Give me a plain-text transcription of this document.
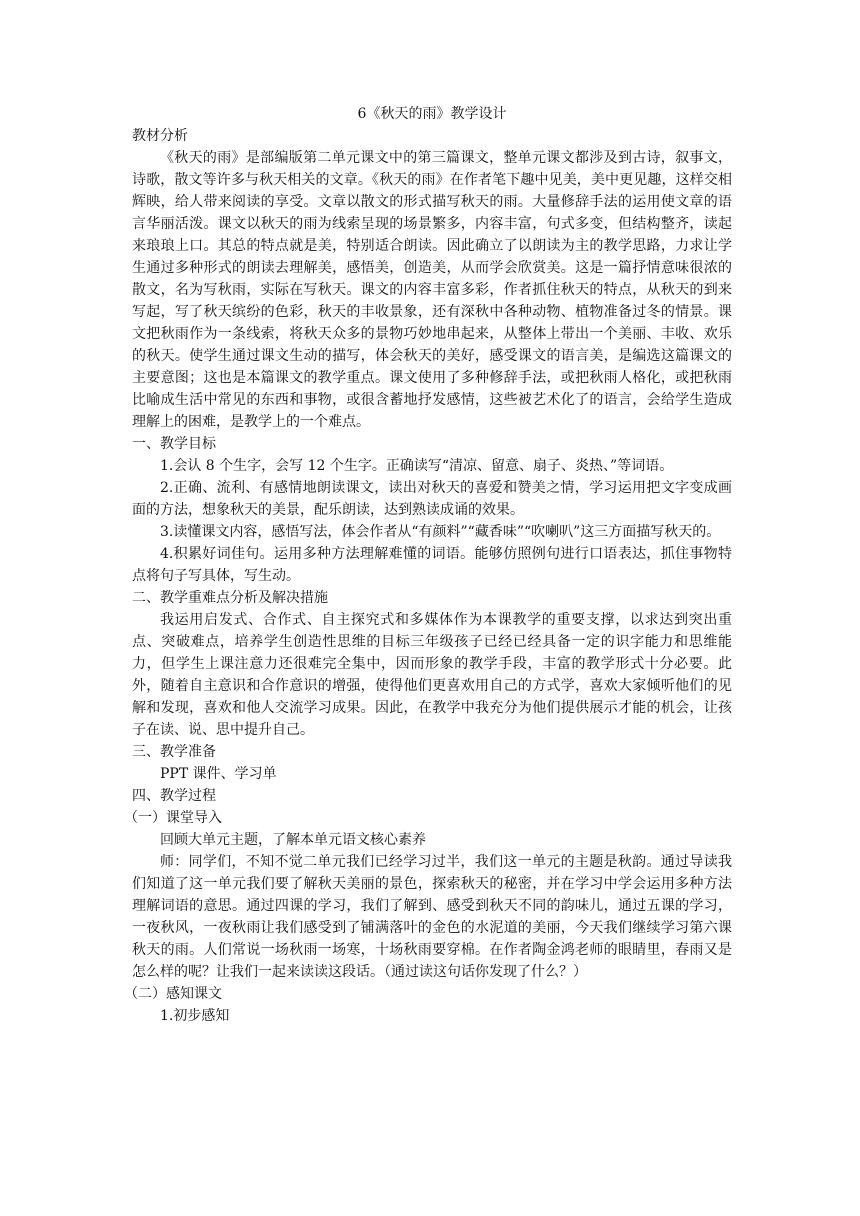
6《秋天的雨》教学设计

教材分析

《秋天的雨》是部编版第二单元课文中的第三篇课文，整单元课文都涉及到古诗，叙事文，诗歌，散文等许多与秋天相关的文章。《秋天的雨》在作者笔下趣中见美，美中更见趣，这样交相辉映，给人带来阅读的享受。文章以散文的形式描写秋天的雨。大量修辞手法的运用使文章的语言华丽活泼。课文以秋天的雨为线索呈现的场景繁多，内容丰富，句式多变，但结构整齐，读起来琅琅上口。其总的特点就是美，特别适合朗读。因此确立了以朗读为主的教学思路，力求让学生通过多种形式的朗读去理解美，感悟美，创造美，从而学会欣赏美。这是一篇抒情意味很浓的散文，名为写秋雨，实际在写秋天。课文的内容丰富多彩，作者抓住秋天的特点，从秋天的到来写起，写了秋天缤纷的色彩，秋天的丰收景象，还有深秋中各种动物、植物准备过冬的情景。课文把秋雨作为一条线索，将秋天众多的景物巧妙地串起来，从整体上带出一个美丽、丰收、欢乐的秋天。使学生通过课文生动的描写，体会秋天的美好，感受课文的语言美，是编选这篇课文的主要意图；这也是本篇课文的教学重点。课文使用了多种修辞手法，或把秋雨人格化，或把秋雨比喻成生活中常见的东西和事物，或很含蓄地抒发感情，这些被艺术化了的语言，会给学生造成理解上的困难，是教学上的一个难点。

一、教学目标

1.会认 8 个生字，会写 12 个生字。正确读写“清凉、留意、扇子、炎热、”等词语。

2.正确、流利、有感情地朗读课文，读出对秋天的喜爱和赞美之情，学习运用把文字变成画面的方法，想象秋天的美景，配乐朗读，达到熟读成诵的效果。

3.读懂课文内容，感悟写法，体会作者从“有颜料”“藏香味”“吹喇叭”这三方面描写秋天的。

4.积累好词佳句。运用多种方法理解难懂的词语。能够仿照例句进行口语表达，抓住事物特点将句子写具体，写生动。

二、教学重难点分析及解决措施

我运用启发式、合作式、自主探究式和多媒体作为本课教学的重要支撑，以求达到突出重点、突破难点，培养学生创造性思维的目标三年级孩子已经已经具备一定的识字能力和思维能力，但学生上课注意力还很难完全集中，因而形象的教学手段，丰富的教学形式十分必要。此外，随着自主意识和合作意识的增强，使得他们更喜欢用自己的方式学，喜欢大家倾听他们的见解和发现，喜欢和他人交流学习成果。因此，在教学中我充分为他们提供展示才能的机会，让孩子在读、说、思中提升自己。

三、教学准备

PPT 课件、学习单

四、教学过程

（一）课堂导入

回顾大单元主题，了解本单元语文核心素养

师：同学们，不知不觉二单元我们已经学习过半，我们这一单元的主题是秋韵。通过导读我们知道了这一单元我们要了解秋天美丽的景色，探索秋天的秘密，并在学习中学会运用多种方法理解词语的意思。通过四课的学习，我们了解到、感受到秋天不同的韵味儿，通过五课的学习，一夜秋风，一夜秋雨让我们感受到了铺满落叶的金色的水泥道的美丽，今天我们继续学习第六课秋天的雨。人们常说一场秋雨一场寒，十场秋雨要穿棉。在作者陶金鸿老师的眼睛里，春雨又是怎么样的呢？让我们一起来读读这段话。（通过读这句话你发现了什么？）

（二）感知课文

1.初步感知
